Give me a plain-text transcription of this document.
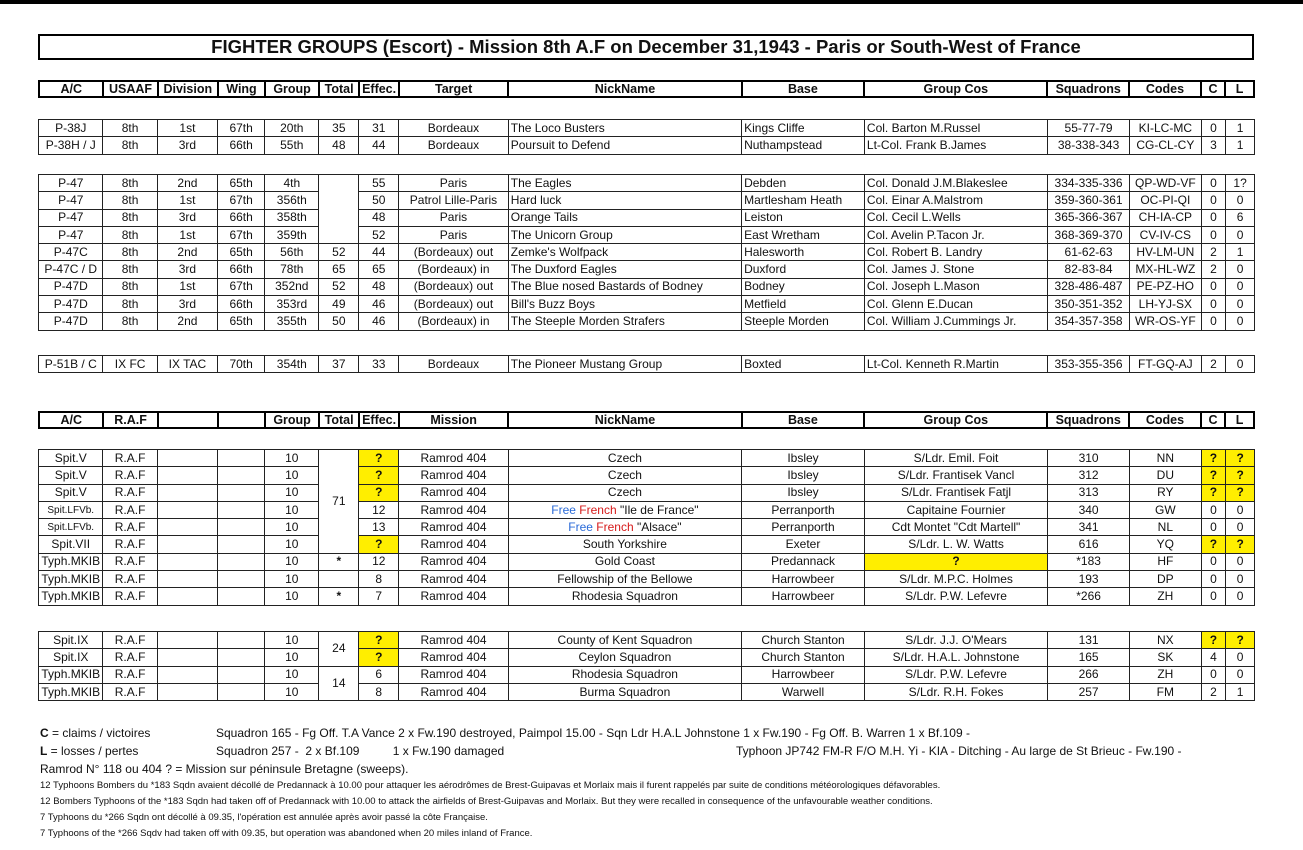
FIGHTER GROUPS (Escort) - Mission 8th A.F on December 31,1943 - Paris or South-West of France
A/C	USAAF	Division	Wing	Group	Total	Effec.	Target	NickName	Base	Group Cos	Squadrons	Codes	C	L
P-38J	8th	1st	67th	20th	35	31	Bordeaux	The Loco Busters	Kings Cliffe	Col. Barton M.Russel	55-77-79	KI-LC-MC	0	1
P-38H / J	8th	3rd	66th	55th	48	44	Bordeaux	Poursuit to Defend	Nuthampstead	Lt-Col. Frank B.James	38-338-343	CG-CL-CY	3	1
P-47	8th	2nd	65th	4th		55	Paris	The Eagles	Debden	Col. Donald J.M.Blakeslee	334-335-336	QP-WD-VF	0	1?
P-47	8th	1st	67th	356th		50	Patrol Lille-Paris	Hard luck	Martlesham Heath	Col. Einar A.Malstrom	359-360-361	OC-PI-QI	0	0
P-47	8th	3rd	66th	358th		48	Paris	Orange Tails	Leiston	Col. Cecil L.Wells	365-366-367	CH-IA-CP	0	6
P-47	8th	1st	67th	359th		52	Paris	The Unicorn Group	East Wretham	Col. Avelin P.Tacon Jr.	368-369-370	CV-IV-CS	0	0
P-47C	8th	2nd	65th	56th	52	44	(Bordeaux) out	Zemke's Wolfpack	Halesworth	Col. Robert B. Landry	61-62-63	HV-LM-UN	2	1
P-47C / D	8th	3rd	66th	78th	65	65	(Bordeaux) in	The Duxford Eagles	Duxford	Col. James J. Stone	82-83-84	MX-HL-WZ	2	0
P-47D	8th	1st	67th	352nd	52	48	(Bordeaux) out	The Blue nosed Bastards of Bodney	Bodney	Col. Joseph L.Mason	328-486-487	PE-PZ-HO	0	0
P-47D	8th	3rd	66th	353rd	49	46	(Bordeaux) out	Bill's Buzz Boys	Metfield	Col. Glenn E.Ducan	350-351-352	LH-YJ-SX	0	0
P-47D	8th	2nd	65th	355th	50	46	(Bordeaux) in	The Steeple Morden Strafers	Steeple Morden	Col. William J.Cummings Jr.	354-357-358	WR-OS-YF	0	0
P-51B / C	IX FC	IX TAC	70th	354th	37	33	Bordeaux	The Pioneer Mustang Group	Boxted	Lt-Col. Kenneth R.Martin	353-355-356	FT-GQ-AJ	2	0
A/C	R.A.F			Group	Total	Effec.	Mission	NickName	Base	Group Cos	Squadrons	Codes	C	L
Spit.V	R.A.F			10	71	?	Ramrod 404	Czech	Ibsley	S/Ldr. Emil. Foit	310	NN	?	?
Spit.V	R.A.F			10		?	Ramrod 404	Czech	Ibsley	S/Ldr. Frantisek Vancl	312	DU	?	?
Spit.V	R.A.F			10		?	Ramrod 404	Czech	Ibsley	S/Ldr. Frantisek Fatjl	313	RY	?	?
Spit.LFVb.	R.A.F			10		12	Ramrod 404	Free French "Ile de France"	Perranporth	Capitaine Fournier	340	GW	0	0
Spit.LFVb.	R.A.F			10		13	Ramrod 404	Free French "Alsace"	Perranporth	Cdt Montet "Cdt Martell"	341	NL	0	0
Spit.VII	R.A.F			10		?	Ramrod 404	South Yorkshire	Exeter	S/Ldr. L. W. Watts	616	YQ	?	?
Typh.MKIB	R.A.F			10	*	12	Ramrod 404	Gold Coast	Predannack	?	*183	HF	0	0
Typh.MKIB	R.A.F			10		8	Ramrod 404	Fellowship of the Bellowe	Harrowbeer	S/Ldr. M.P.C. Holmes	193	DP	0	0
Typh.MKIB	R.A.F			10	*	7	Ramrod 404	Rhodesia Squadron	Harrowbeer	S/Ldr. P.W. Lefevre	*266	ZH	0	0
Spit.IX	R.A.F			10	24	?	Ramrod 404	County of Kent Squadron	Church Stanton	S/Ldr. J.J. O'Mears	131	NX	?	?
Spit.IX	R.A.F			10		?	Ramrod 404	Ceylon Squadron	Church Stanton	S/Ldr. H.A.L. Johnstone	165	SK	4	0
Typh.MKIB	R.A.F			10	14	6	Ramrod 404	Rhodesia Squadron	Harrowbeer	S/Ldr. P.W. Lefevre	266	ZH	0	0
Typh.MKIB	R.A.F			10		8	Ramrod 404	Burma Squadron	Warwell	S/Ldr. R.H. Fokes	257	FM	2	1
C = claims / victoires	Squadron 165 - Fg Off. T.A Vance 2 x Fw.190 destroyed, Paimpol 15.00 - Sqn Ldr H.A.L Johnstone 1 x Fw.190 - Fg Off. B. Warren 1 x Bf.109 -
L = losses / pertes	Squadron 257 -  2 x Bf.109          1 x Fw.190 damaged	Typhoon JP742 FM-R F/O M.H. Yi - KIA - Ditching - Au large de St Brieuc - Fw.190 -
Ramrod N° 118 ou 404 ? = Mission sur péninsule Bretagne (sweeps).
12 Typhoons Bombers du *183 Sqdn avaient décollé de Predannack à 10.00 pour attaquer les aérodrômes de Brest-Guipavas et Morlaix mais il furent rappelés par suite de conditions météorologiques défavorables.
12 Bombers Typhoons of the *183 Sqdn had taken off of Predannack with 10.00 to attack the airfields of Brest-Guipavas and Morlaix. But they were recalled in consequence of the unfavourable weather conditions.
7 Typhoons du *266 Sqdn ont décollé à 09.35, l'opération est annulée après avoir passé la côte Française.
7 Typhoons of the *266 Sqdv had taken off with 09.35, but operation was abandoned when 20 miles inland of France.
